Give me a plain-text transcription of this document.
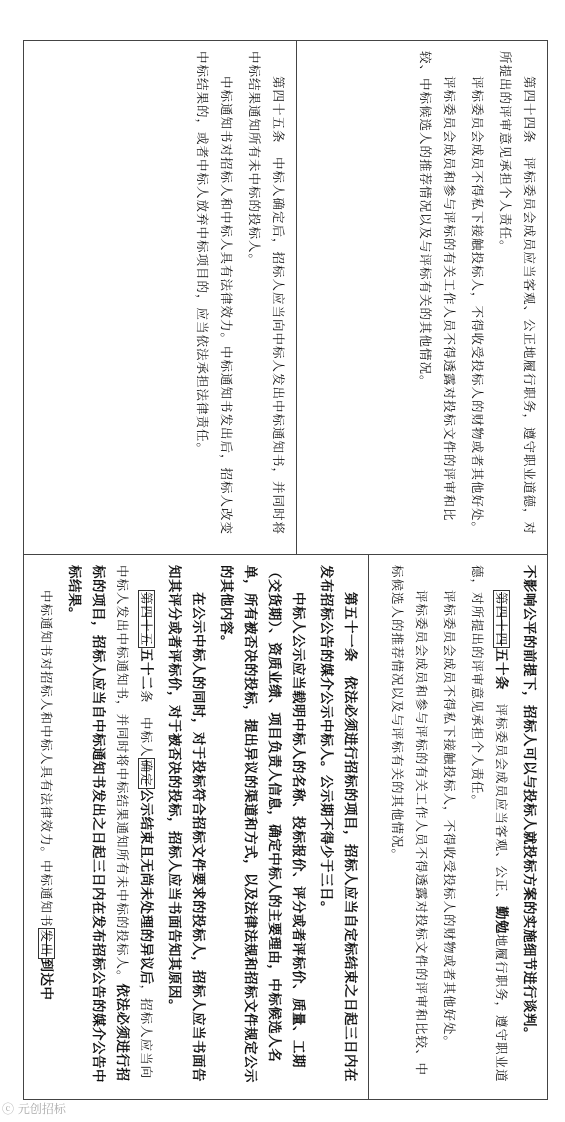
第四十四条　评标委员会成员应当客观、公正地履行职务，遵守职业道德，对所提出的评审意见承担个人责任。

评标委员会成员不得私下接触投标人，不得收受投标人的财物或者其他好处。

评标委员会成员和参与评标的有关工作人员不得透露对投标文件的评审和比较、中标候选人的推荐情况以及与评标有关的其他情况。

第四十五条　中标人确定后，招标人应当向中标人发出中标通知书，并同时将中标结果通知所有未中标的投标人。

中标通知书对招标人和中标人具有法律效力。中标通知书发出后，招标人改变中标结果的，或者中标人放弃中标项目的，应当依法承担法律责任。

不影响公平的前提下，招标人可以与投标人就投标方案的实施细节进行谈判。

第四十四五十条　评标委员会成员应当客观、公正、勤勉地履行职务，遵守职业道德，对所提出的评审意见承担个人责任。

评标委员会成员不得私下接触投标人，不得收受投标人的财物或者其他好处。

评标委员会成员和参与评标的有关工作人员不得透露对投标文件的评审和比较、中标候选人的推荐情况以及与评标有关的其他情况。

第五十一条　依法必须进行招标的项目，招标人应当自定标结束之日起三日内在发布招标公告的媒介公示中标人。公示期不得少于三日。

中标人公示应当载明中标人的名称、投标报价、评分或者评标价、质量、工期（交货期）、资质业绩、项目负责人信息，确定中标人的主要理由，中标候选人名单，所有被否决的投标，提出异议的渠道和方式，以及法律法规和招标文件规定公示的其他内容。

在公示中标人的同时，对于投标符合招标文件要求的投标人，招标人应当书面告知其评分或者评标价，对于被否决的投标，招标人应当书面告知其原因。

第四十五五十二条　中标人确定公示结束且无尚未处理的异议后，招标人应当向中标人发出中标通知书，并同时将中标结果通知所有未中标的投标人。依法必须进行招标的项目，招标人应当自中标通知书发出之日起三日内在发布招标公告的媒介公告中标结果。

中标通知书对招标人和中标人具有法律效力。中标通知书发出到达中

ⓒ 元创招标
